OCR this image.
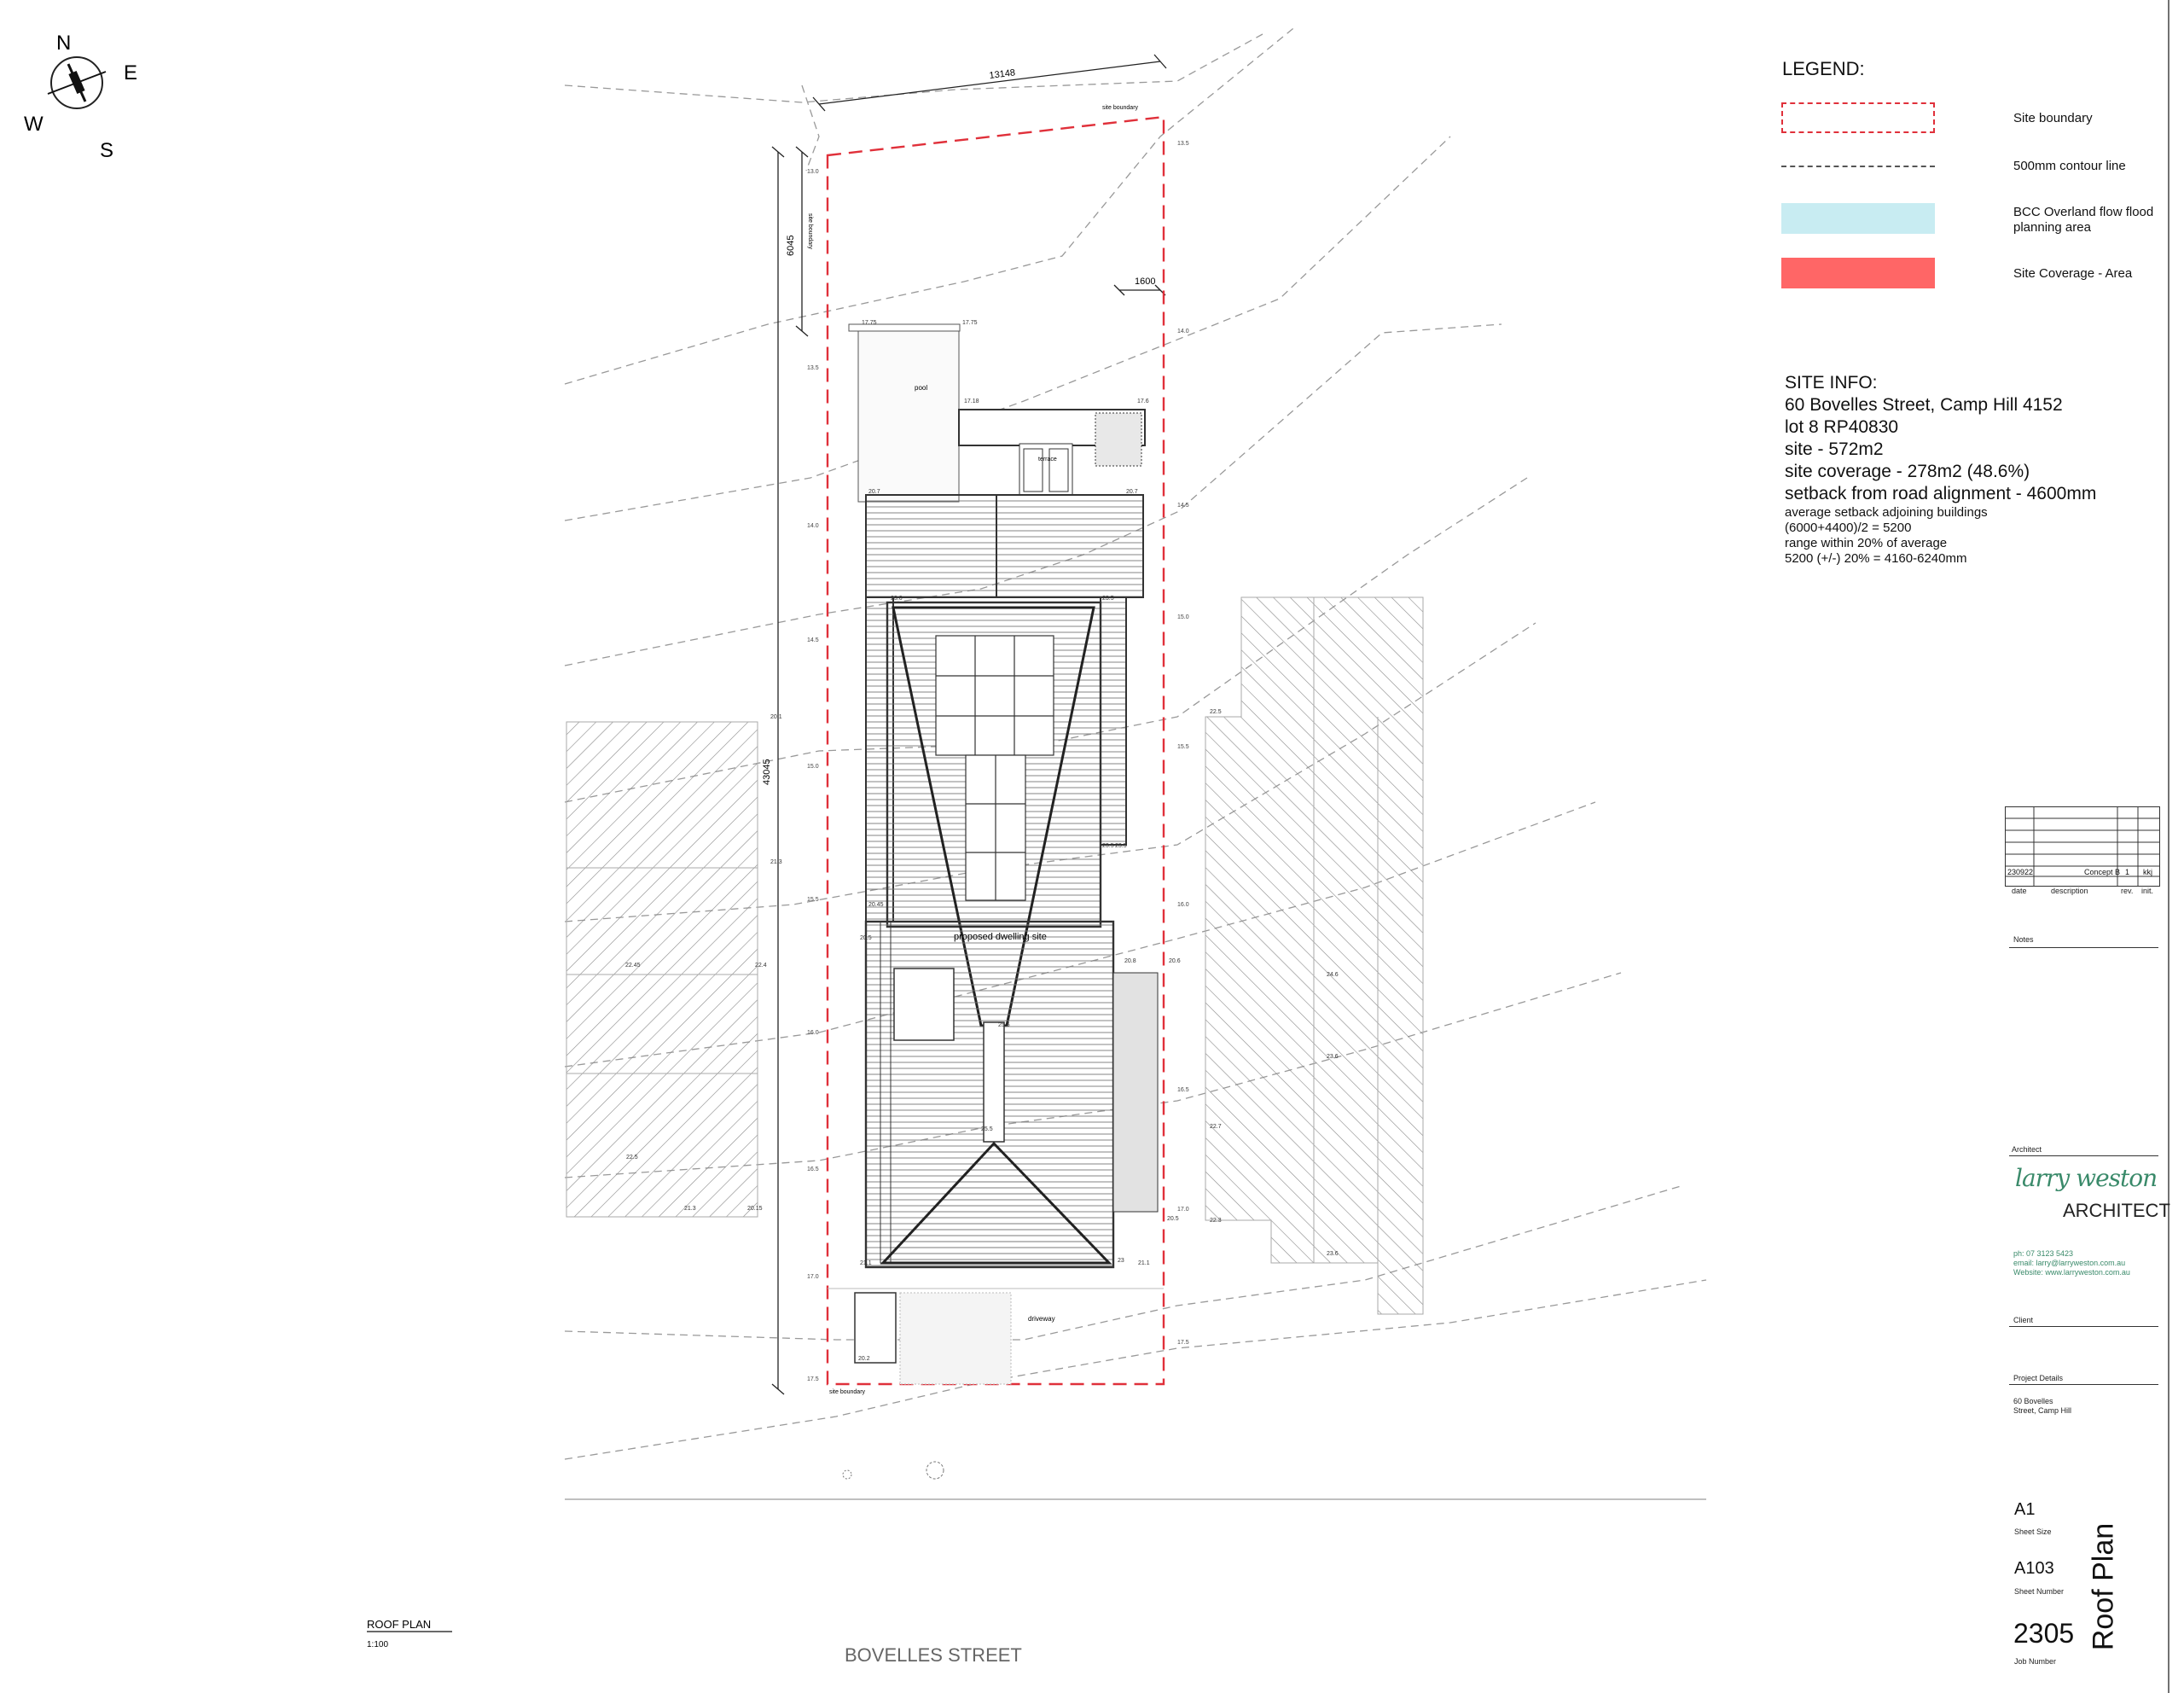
N
E
S
W
13148
6045
43045
1600
site boundary
site boundary
site boundary
pool
terrace
proposed dwelling site
driveway
13.0
13.5
14.0
14.5
15.0
15.5
16.0
16.5
17.0
17.5
13.5
14.0
14.5
15.0
15.5
16.0
16.5
17.0
17.5
17.75	17.75
17.18	17.6
20.7	20.7
23.0	23.5
23.5 23.5
20.45
20.5
20.8
25.5
25.5
21.1	21.1
23
20.2
22.5
22.7
22.3
24.6
23.6
23.6
20.1
21.3
22.45	22.4
22.5
21.3	20.15
20.6
20.5
ROOF PLAN
1:100	BOVELLES STREET
LEGEND:
Site boundary
500mm contour line
BCC Overland flow flood planning area
Site Coverage - Area
SITE INFO:
60 Bovelles Street, Camp Hill 4152
lot 8 RP40830
site - 572m2
site coverage - 278m2 (48.6%)
setback from road alignment - 4600mm
average setback adjoining buildings
(6000+4400)/2 = 5200
range within 20% of average
5200 (+/-) 20% = 4160-6240mm
230922	Concept B 1 kkj
date	description	rev. init.
Notes
Architect
larry weston
ARCHITECT
ph: 07 3123 5423
email: larry@larryweston.com.au
Website: www.larryweston.com.au
Client
Project Details
60 Bovelles
Street, Camp Hill
A1
Sheet Size
A103
Sheet Number
2305
Job Number
Roof Plan
